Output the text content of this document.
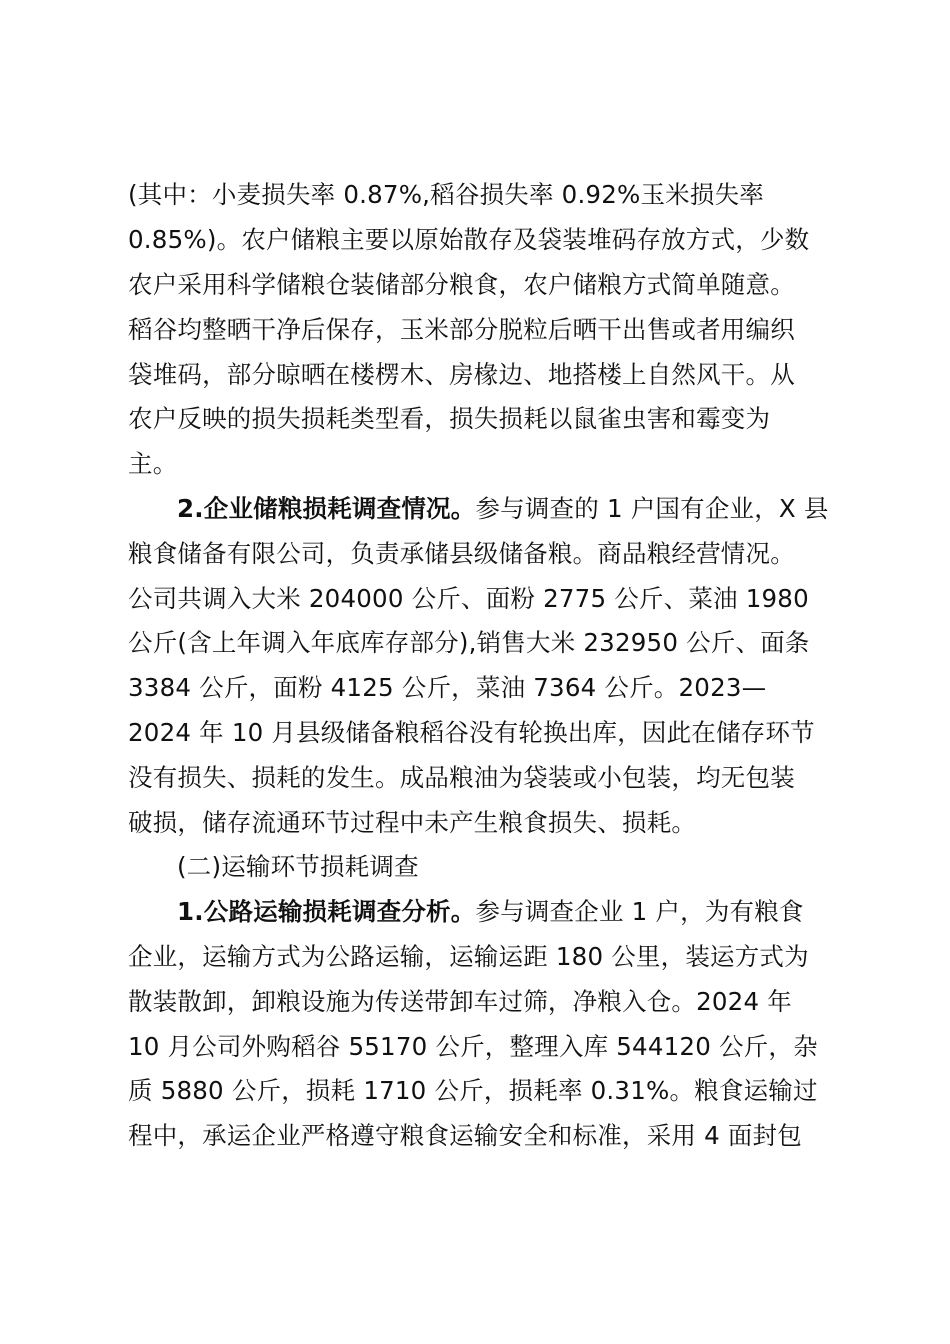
(其中：小麦损失率 0.87%,稻谷损失率 0.92%玉米损失率
0.85%)。农户储粮主要以原始散存及袋装堆码存放方式，少数
农户采用科学储粮仓装储部分粮食，农户储粮方式简单随意。
稻谷均整晒干净后保存，玉米部分脱粒后晒干出售或者用编织
袋堆码，部分晾晒在楼楞木、房椽边、地搭楼上自然风干。从
农户反映的损失损耗类型看，损失损耗以鼠雀虫害和霉变为
主。
2.企业储粮损耗调查情况。参与调查的 1 户国有企业，X 县
粮食储备有限公司，负责承储县级储备粮。商品粮经营情况。
公司共调入大米 204000 公斤、面粉 2775 公斤、菜油 1980
公斤(含上年调入年底库存部分),销售大米 232950 公斤、面条
3384 公斤，面粉 4125 公斤，菜油 7364 公斤。2023—
2024 年 10 月县级储备粮稻谷没有轮换出库，因此在储存环节
没有损失、损耗的发生。成品粮油为袋装或小包装，均无包装
破损，储存流通环节过程中未产生粮食损失、损耗。
(二)运输环节损耗调查
1.公路运输损耗调查分析。参与调查企业 1 户，为有粮食
企业，运输方式为公路运输，运输运距 180 公里，装运方式为
散装散卸，卸粮设施为传送带卸车过筛，净粮入仓。2024 年
10 月公司外购稻谷 55170 公斤，整理入库 544120 公斤，杂
质 5880 公斤，损耗 1710 公斤，损耗率 0.31%。粮食运输过
程中，承运企业严格遵守粮食运输安全和标准，采用 4 面封包
